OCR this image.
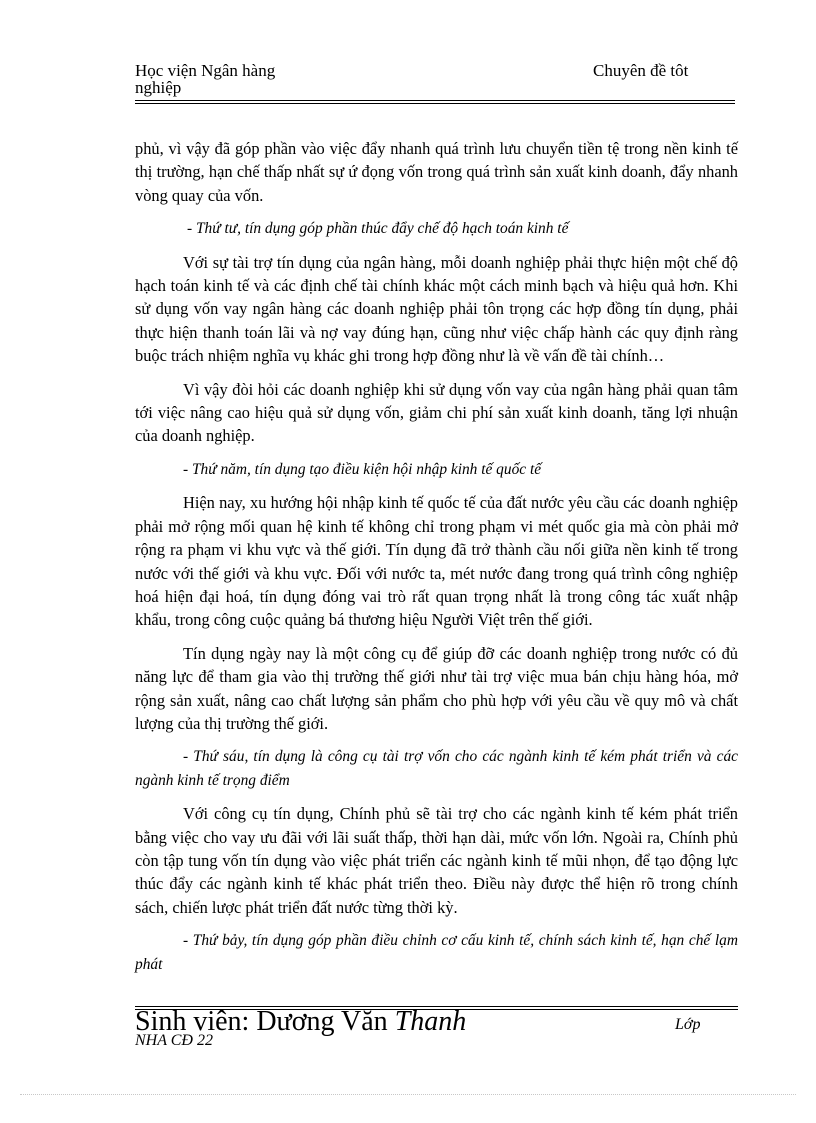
Học viện Ngân hàng
nghiệp
Chuyên đề tôt

phủ, vì vậy đã góp phần vào việc đẩy nhanh quá trình lưu chuyển tiền tệ trong nền kinh tế thị trường, hạn chế thấp nhất sự ứ đọng vốn trong quá trình sản xuất kinh doanh, đẩy nhanh vòng quay của vốn.

- Thứ tư, tín dụng góp phần thúc đẩy chế độ hạch toán kinh tế

Với sự tài trợ tín dụng của ngân hàng, mỗi doanh nghiệp phải thực hiện một chế độ hạch toán kinh tế và các định chế tài chính khác một cách minh bạch và hiệu quả hơn. Khi sử dụng vốn vay ngân hàng các doanh nghiệp phải tôn trọng các hợp đồng tín dụng, phải thực hiện thanh toán lãi và nợ vay đúng hạn, cũng như việc chấp hành các quy định ràng buộc trách nhiệm nghĩa vụ khác ghi trong hợp đồng như là về vấn đề tài chính…

Vì vậy đòi hỏi các doanh nghiệp khi sử dụng vốn vay của ngân hàng phải quan tâm tới việc nâng cao hiệu quả sử dụng vốn, giảm chi phí sản xuất kinh doanh, tăng lợi nhuận của doanh nghiệp.

- Thứ năm, tín dụng tạo điều kiện hội nhập kinh tế quốc tế

Hiện nay, xu hướng hội nhập kinh tế quốc tế của đất nước yêu cầu các doanh nghiệp phải mở rộng mối quan hệ kinh tế không chỉ trong phạm vi mét quốc gia mà còn phải mở rộng ra phạm vi khu vực và thế giới. Tín dụng đã trở thành cầu nối giữa nền kinh tế trong nước với thế giới và khu vực. Đối với nước ta, mét nước đang trong quá trình công nghiệp hoá hiện đại hoá, tín dụng đóng vai trò rất quan trọng nhất là trong công tác xuất nhập khẩu, trong công cuộc quảng bá thương hiệu Người Việt trên thế giới.

Tín dụng ngày nay là một công cụ để giúp đỡ các doanh nghiệp trong nước có đủ năng lực để tham gia vào thị trường thế giới như tài trợ việc mua bán chịu hàng hóa, mở rộng sản xuất, nâng cao chất lượng sản phẩm cho phù hợp với yêu cầu về quy mô và chất lượng của thị trường thế giới.

- Thứ sáu, tín dụng là công cụ tài trợ vốn cho các ngành kinh tế kém phát triển và các ngành kinh tế trọng điểm

Với công cụ tín dụng, Chính phủ sẽ tài trợ cho các ngành kinh tế kém phát triển bằng việc cho vay ưu đãi với lãi suất thấp, thời hạn dài, mức vốn lớn. Ngoài ra, Chính phủ còn tập tung vốn tín dụng vào việc phát triển các ngành kinh tế mũi nhọn, để tạo động lực thúc đẩy các ngành kinh tế khác phát triển theo. Điều này được thể hiện rõ trong chính sách, chiến lược phát triển đất nước từng thời kỳ.

- Thứ bảy, tín dụng góp phần điều chỉnh cơ cấu kinh tế, chính sách kinh tế, hạn chế lạm phát

Sinh viên: Dương Văn Thanh	Lớp
NHA CĐ 22
